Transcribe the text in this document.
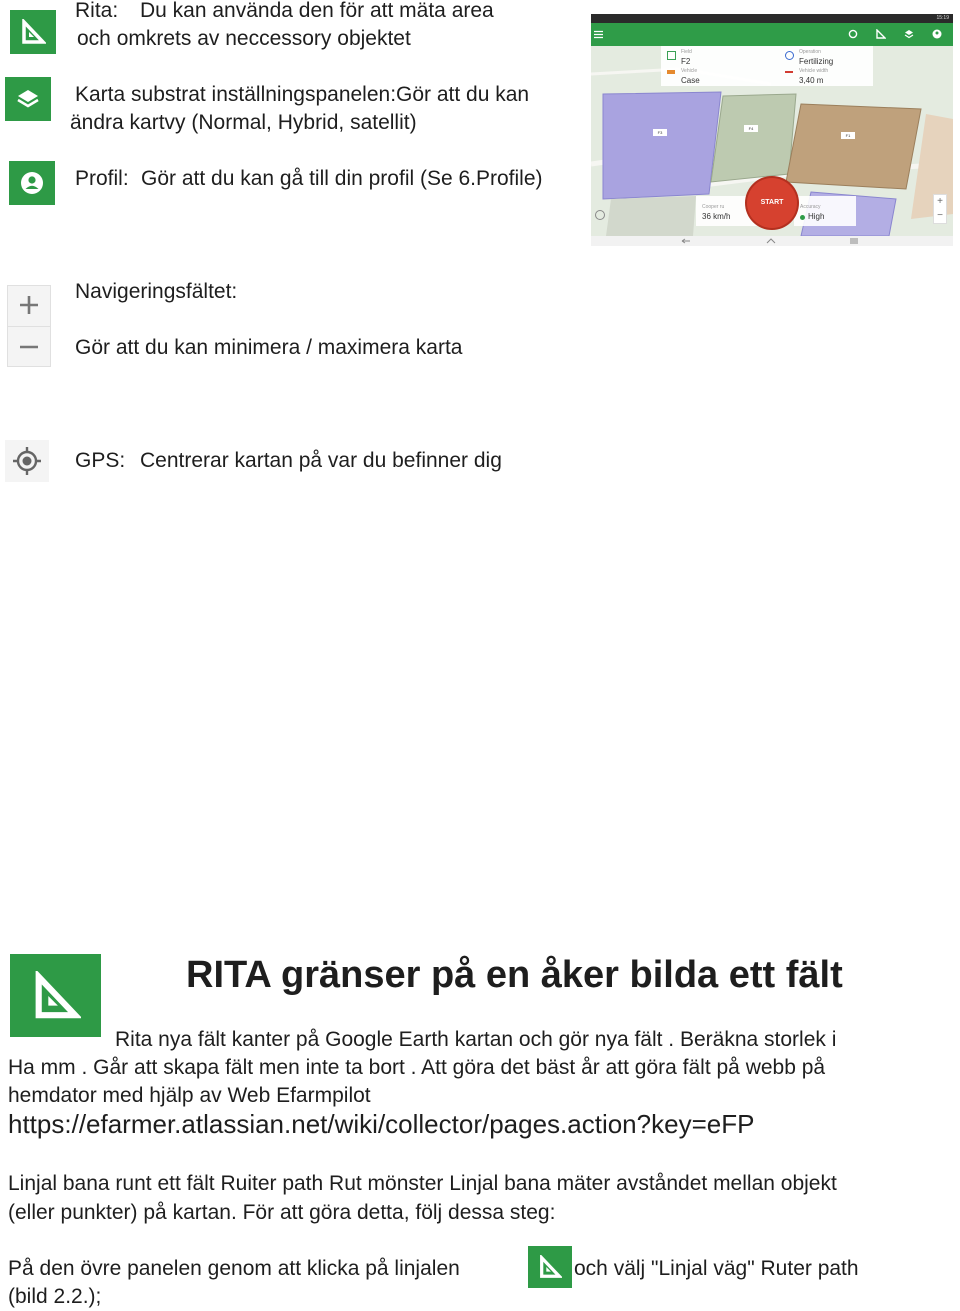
Rita: Du kan använda den för att mäta area
och omkrets av neccessory objektet
Karta substrat inställningspanelen:Gör att du kan
ändra kartvy (Normal, Hybrid, satellit)
Profil: Gör att du kan gå till din profil (Se 6.Profile)
Navigeringsfältet:
Gör att du kan minimera / maximera karta
GPS: Centrerar kartan på var du befinner dig
15:19
Field
F2
Operation
Fertilizing
Vehicle
Case
Vehicle width
3,40 m
F3
F4
F1
Cooper ru
36 km/h
Accuracy
High
START	+
−
RITA gränser på en åker bilda ett fält
Rita nya fält kanter på Google Earth kartan och gör nya fält . Beräkna storlek i
Ha mm . Går att skapa fält men inte ta bort . Att göra det bäst år att göra fält på webb på
hemdator med hjälp av Web Efarmpilot
https://efarmer.atlassian.net/wiki/collector/pages.action?key=eFP
Linjal bana runt ett fält Ruiter path Rut mönster Linjal bana mäter avståndet mellan objekt
(eller punkter) på kartan. För att göra detta, följ dessa steg:
På den övre panelen genom att klicka på linjalen	och välj "Linjal väg" Ruter path
(bild 2.2.);
